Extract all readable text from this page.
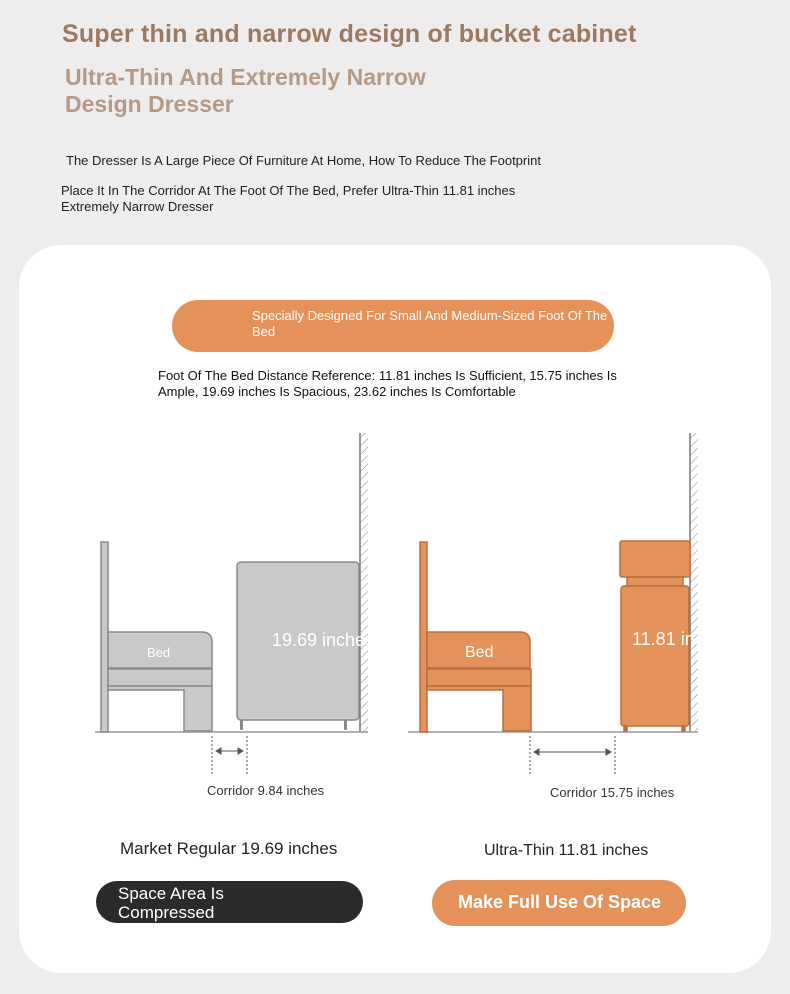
Super thin and narrow design of bucket cabinet
Ultra-Thin And Extremely Narrow Design Dresser
The Dresser Is A Large Piece Of Furniture At Home, How To Reduce The Footprint
Place It In The Corridor At The Foot Of The Bed, Prefer Ultra-Thin 11.81 inches Extremely Narrow Dresser
Specially Designed For Small And Medium-Sized Foot Of The Bed
Foot Of The Bed Distance Reference: 11.81 inches Is Sufficient, 15.75 inches Is Ample, 19.69 inches Is Spacious, 23.62 inches Is Comfortable
Bed
19.69 inches
Bed
11.81 inches
Corridor 9.84 inches	Corridor 15.75 inches
Market Regular 19.69 inches	Ultra-Thin 11.81 inches
Space Area Is Compressed
Make Full Use Of Space
